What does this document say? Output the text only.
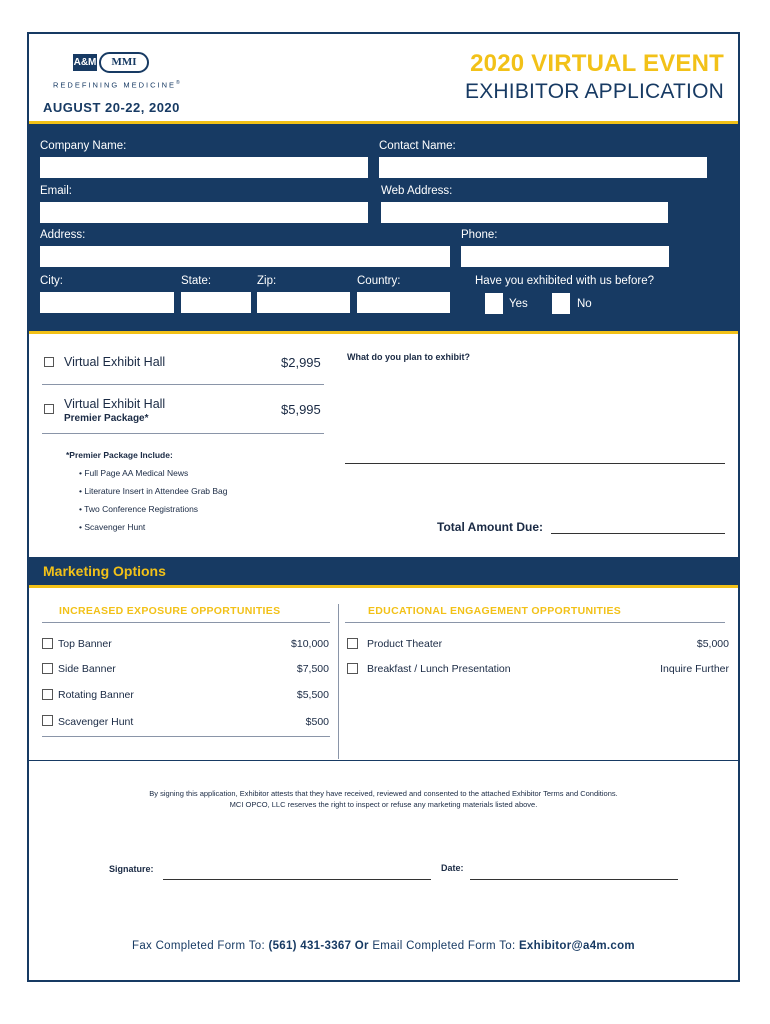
A&M	MMI
REDEFINING MEDICINE®
AUGUST 20-22, 2020
2020 VIRTUAL EVENT
EXHIBITOR APPLICATION
Company Name:	Contact Name:
Email:	Web Address:
Address:	Phone:
City:	State:	Zip:	Country:	Have you exhibited with us before?
Yes	No
Virtual Exhibit Hall	$2,995
Virtual Exhibit Hall
Premier Package*
$5,995
*Premier Package Include:
• Full Page AA Medical News
• Literature Insert in Attendee Grab Bag
• Two Conference Registrations
• Scavenger Hunt
What do you plan to exhibit?
Total Amount Due:
Marketing Options
INCREASED EXPOSURE OPPORTUNITIES	EDUCATIONAL ENGAGEMENT OPPORTUNITIES
Top Banner	$10,000
Side Banner	$7,500
Rotating Banner	$5,500
Scavenger Hunt	$500
Product Theater	$5,000
Breakfast / Lunch Presentation	Inquire Further
By signing this application, Exhibitor attests that they have received, reviewed and consented to the attached Exhibitor Terms and Conditions.
MCI OPCO, LLC reserves the right to inspect or refuse any marketing materials listed above.
Signature:	Date:
Fax Completed Form To: (561) 431-3367 Or Email Completed Form To: Exhibitor@a4m.com
